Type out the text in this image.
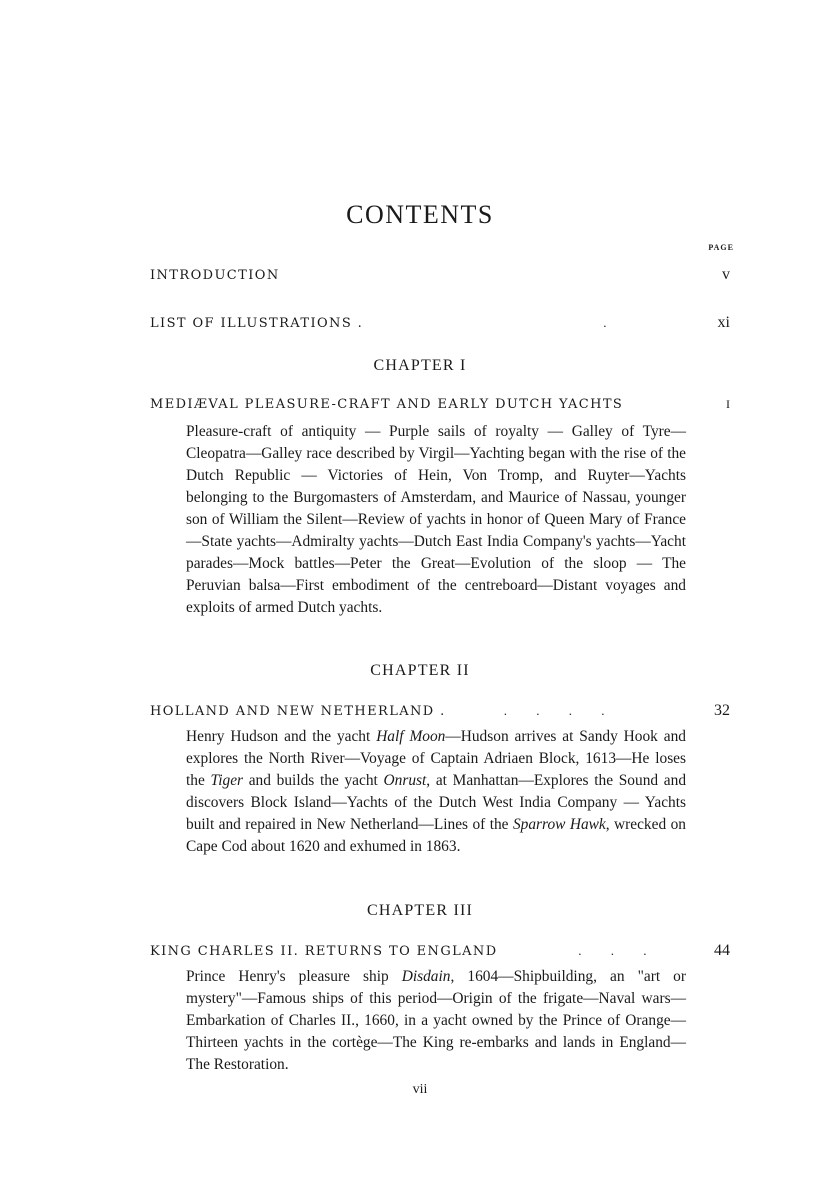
CONTENTS
PAGE
INTRODUCTION	v
LIST OF ILLUSTRATIONS . .	xi
CHAPTER I
MEDIÆVAL PLEASURE-CRAFT AND EARLY DUTCH YACHTS	I

Pleasure-craft of antiquity — Purple sails of royalty — Galley of Tyre—Cleopatra—Galley race described by Virgil—Yachting began with the rise of the Dutch Republic — Victories of Hein, Von Tromp, and Ruyter—Yachts belonging to the Burgomasters of Amsterdam, and Maurice of Nassau, younger son of William the Silent—Review of yachts in honor of Queen Mary of France—State yachts—Admiralty yachts—Dutch East India Company's yachts—Yacht parades—Mock battles—Peter the Great—Evolution of the sloop — The Peruvian balsa—First embodiment of the centreboard—Distant voyages and exploits of armed Dutch yachts.

CHAPTER II
HOLLAND AND NEW NETHERLAND . .         .         .         .	32

Henry Hudson and the yacht Half Moon—Hudson arrives at Sandy Hook and explores the North River—Voyage of Captain Adriaen Block, 1613—He loses the Tiger and builds the yacht Onrust, at Manhattan—Explores the Sound and discovers Block Island—Yachts of the Dutch West India Company — Yachts built and repaired in New Netherland—Lines of the Sparrow Hawk, wrecked on Cape Cod about 1620 and exhumed in 1863.

CHAPTER III
KING CHARLES II. RETURNS TO ENGLAND .         .         .	44

Prince Henry's pleasure ship Disdain, 1604—Shipbuilding, an "art or mystery"—Famous ships of this period—Origin of the frigate—Naval wars—Embarkation of Charles II., 1660, in a yacht owned by the Prince of Orange—Thirteen yachts in the cortège—The King re-embarks and lands in England—The Restoration.

vii
